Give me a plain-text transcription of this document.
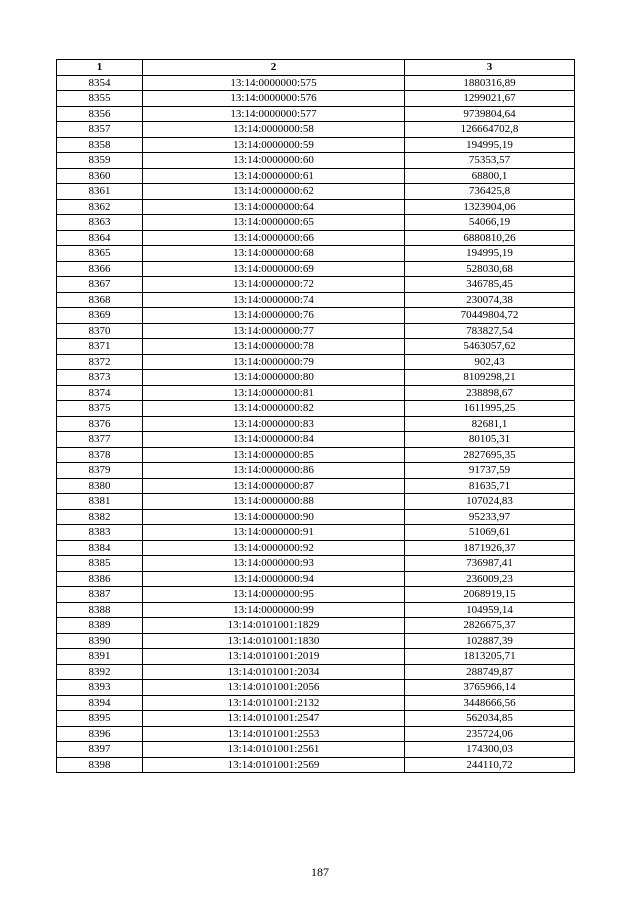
1	2	3
8354	13:14:0000000:575	1880316,89
8355	13:14:0000000:576	1299021,67
8356	13:14:0000000:577	9739804,64
8357	13:14:0000000:58	126664702,8
8358	13:14:0000000:59	194995,19
8359	13:14:0000000:60	75353,57
8360	13:14:0000000:61	68800,1
8361	13:14:0000000:62	736425,8
8362	13:14:0000000:64	1323904,06
8363	13:14:0000000:65	54066,19
8364	13:14:0000000:66	6880810,26
8365	13:14:0000000:68	194995,19
8366	13:14:0000000:69	528030,68
8367	13:14:0000000:72	346785,45
8368	13:14:0000000:74	230074,38
8369	13:14:0000000:76	70449804,72
8370	13:14:0000000:77	783827,54
8371	13:14:0000000:78	5463057,62
8372	13:14:0000000:79	902,43
8373	13:14:0000000:80	8109298,21
8374	13:14:0000000:81	238898,67
8375	13:14:0000000:82	1611995,25
8376	13:14:0000000:83	82681,1
8377	13:14:0000000:84	80105,31
8378	13:14:0000000:85	2827695,35
8379	13:14:0000000:86	91737,59
8380	13:14:0000000:87	81635,71
8381	13:14:0000000:88	107024,83
8382	13:14:0000000:90	95233,97
8383	13:14:0000000:91	51069,61
8384	13:14:0000000:92	1871926,37
8385	13:14:0000000:93	736987,41
8386	13:14:0000000:94	236009,23
8387	13:14:0000000:95	2068919,15
8388	13:14:0000000:99	104959,14
8389	13:14:0101001:1829	2826675,37
8390	13:14:0101001:1830	102887,39
8391	13:14:0101001:2019	1813205,71
8392	13:14:0101001:2034	288749,87
8393	13:14:0101001:2056	3765966,14
8394	13:14:0101001:2132	3448666,56
8395	13:14:0101001:2547	562034,85
8396	13:14:0101001:2553	235724,06
8397	13:14:0101001:2561	174300,03
8398	13:14:0101001:2569	244110,72
187
